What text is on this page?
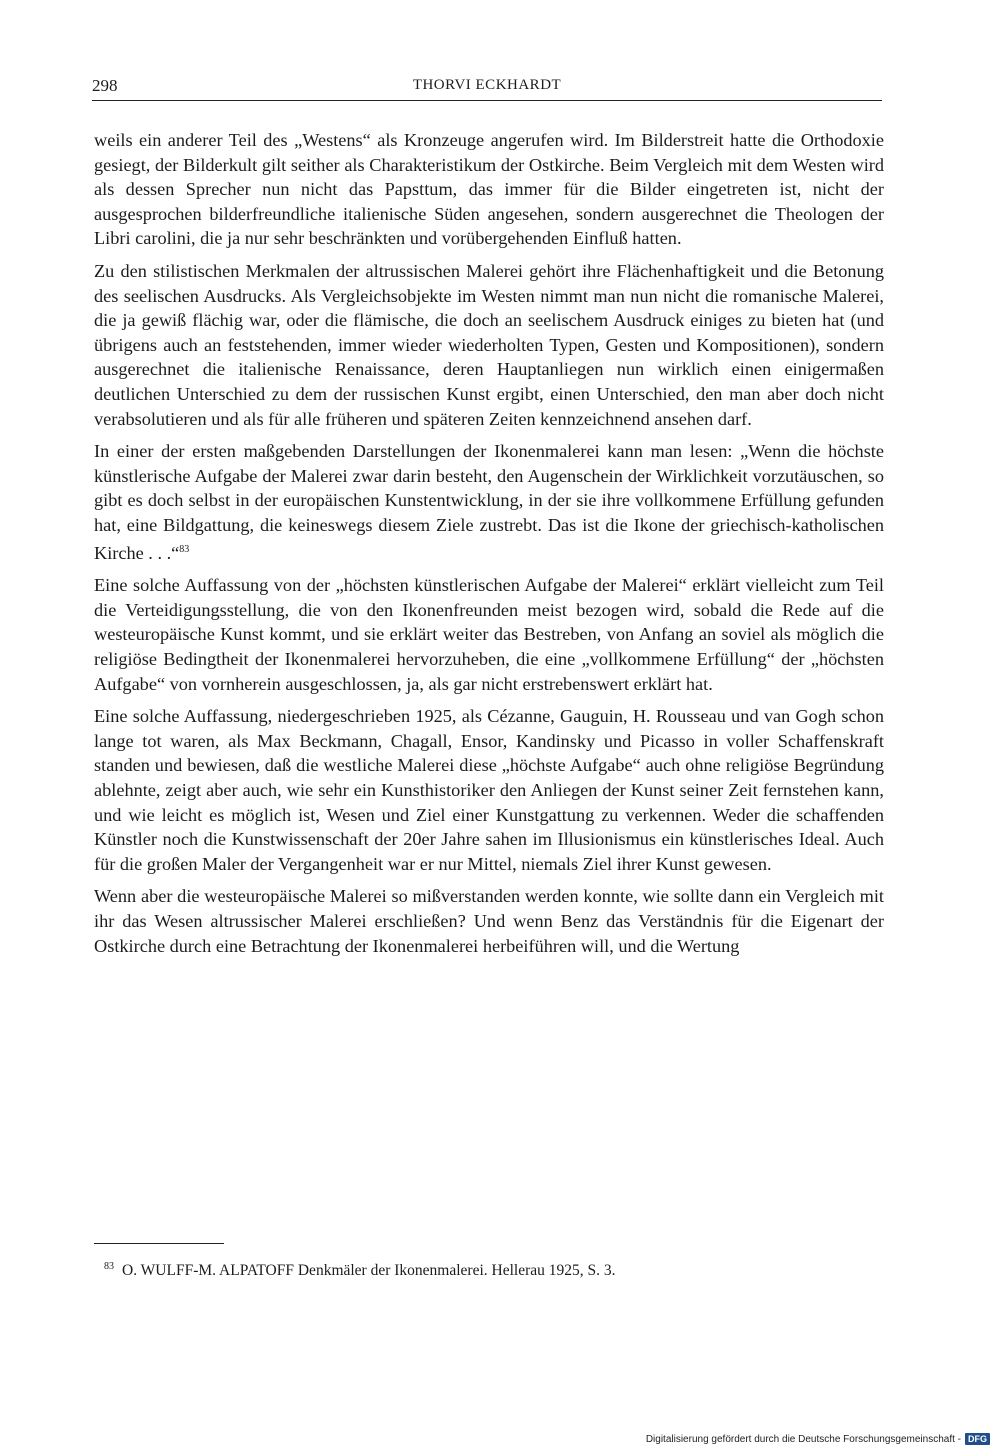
298	THORVI ECKHARDT

weils ein anderer Teil des „Westens“ als Kronzeuge angerufen wird. Im Bilderstreit hatte die Orthodoxie gesiegt, der Bilderkult gilt seither als Charakteristikum der Ostkirche. Beim Vergleich mit dem Westen wird als dessen Sprecher nun nicht das Papsttum, das immer für die Bilder eingetreten ist, nicht der ausgesprochen bilderfreundliche italienische Süden angesehen, sondern ausgerechnet die Theologen der Libri carolini, die ja nur sehr beschränkten und vorübergehenden Einfluß hatten.

Zu den stilistischen Merkmalen der altrussischen Malerei gehört ihre Flächenhaftigkeit und die Betonung des seelischen Ausdrucks. Als Vergleichsobjekte im Westen nimmt man nun nicht die romanische Malerei, die ja gewiß flächig war, oder die flämische, die doch an seelischem Ausdruck einiges zu bieten hat (und übrigens auch an feststehenden, immer wieder wiederholten Typen, Gesten und Kompositionen), sondern ausgerechnet die italienische Renaissance, deren Hauptanliegen nun wirklich einen einigermaßen deutlichen Unterschied zu dem der russischen Kunst ergibt, einen Unterschied, den man aber doch nicht verabsolutieren und als für alle früheren und späteren Zeiten kennzeichnend ansehen darf.

In einer der ersten maßgebenden Darstellungen der Ikonenmalerei kann man lesen: „Wenn die höchste künstlerische Aufgabe der Malerei zwar darin besteht, den Augenschein der Wirklichkeit vorzutäuschen, so gibt es doch selbst in der europäischen Kunstentwicklung, in der sie ihre vollkommene Erfüllung gefunden hat, eine Bildgattung, die keineswegs diesem Ziele zustrebt. Das ist die Ikone der griechisch-katholischen Kirche . . .“$^{83}$

Eine solche Auffassung von der „höchsten künstlerischen Aufgabe der Malerei“ erklärt vielleicht zum Teil die Verteidigungsstellung, die von den Ikonenfreunden meist bezogen wird, sobald die Rede auf die westeuropäische Kunst kommt, und sie erklärt weiter das Bestreben, von Anfang an soviel als möglich die religiöse Bedingtheit der Ikonenmalerei hervorzuheben, die eine „vollkommene Erfüllung“ der „höchsten Aufgabe“ von vornherein ausgeschlossen, ja, als gar nicht erstrebenswert erklärt hat.

Eine solche Auffassung, niedergeschrieben 1925, als Cézanne, Gauguin, H. Rousseau und van Gogh schon lange tot waren, als Max Beckmann, Chagall, Ensor, Kandinsky und Picasso in voller Schaffenskraft standen und bewiesen, daß die westliche Malerei diese „höchste Aufgabe“ auch ohne religiöse Begründung ablehnte, zeigt aber auch, wie sehr ein Kunsthistoriker den Anliegen der Kunst seiner Zeit fernstehen kann, und wie leicht es möglich ist, Wesen und Ziel einer Kunstgattung zu verkennen. Weder die schaffenden Künstler noch die Kunstwissenschaft der 20er Jahre sahen im Illusionismus ein künstlerisches Ideal. Auch für die großen Maler der Vergangenheit war er nur Mittel, niemals Ziel ihrer Kunst gewesen.

Wenn aber die westeuropäische Malerei so mißverstanden werden konnte, wie sollte dann ein Vergleich mit ihr das Wesen altrussischer Malerei erschließen? Und wenn Benz das Verständnis für die Eigenart der Ostkirche durch eine Betrachtung der Ikonenmalerei herbeiführen will, und die Wertung

$^{83}$ O. WULFF-M. ALPATOFF Denkmäler der Ikonenmalerei. Hellerau 1925, S. 3.
Digitalisierung gefördert durch die Deutsche Forschungsgemeinschaft - DFG
